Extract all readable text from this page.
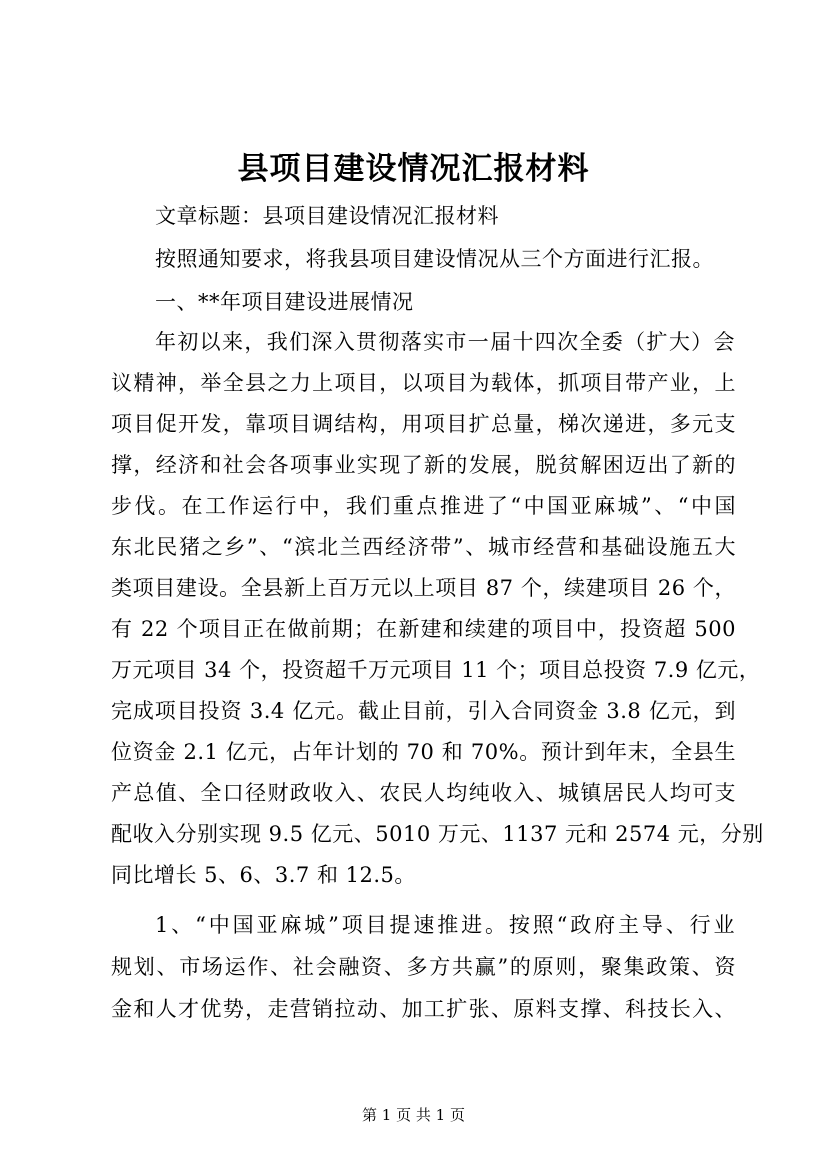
县项目建设情况汇报材料
文章标题：县项目建设情况汇报材料
按照通知要求，将我县项目建设情况从三个方面进行汇报。
一、**年项目建设进展情况
年初以来，我们深入贯彻落实市一届十四次全委（扩大）会
议精神，举全县之力上项目，以项目为载体，抓项目带产业，上
项目促开发，靠项目调结构，用项目扩总量，梯次递进，多元支
撑，经济和社会各项事业实现了新的发展，脱贫解困迈出了新的
步伐。在工作运行中，我们重点推进了“中国亚麻城”、“中国
东北民猪之乡”、“滨北兰西经济带”、城市经营和基础设施五大
类项目建设。全县新上百万元以上项目 87 个，续建项目 26 个，
有 22 个项目正在做前期；在新建和续建的项目中，投资超 500
万元项目 34 个，投资超千万元项目 11 个；项目总投资 7.9 亿元，
完成项目投资 3.4 亿元。截止目前，引入合同资金 3.8 亿元，到
位资金 2.1 亿元，占年计划的 70 和 70%。预计到年末，全县生
产总值、全口径财政收入、农民人均纯收入、城镇居民人均可支
配收入分别实现 9.5 亿元、5010 万元、1137 元和 2574 元，分别
同比增长 5、6、3.7 和 12.5。
1、“中国亚麻城”项目提速推进。按照“政府主导、行业
规划、市场运作、社会融资、多方共赢”的原则，聚集政策、资
金和人才优势，走营销拉动、加工扩张、原料支撑、科技长入、
第 1 页 共 1 页
